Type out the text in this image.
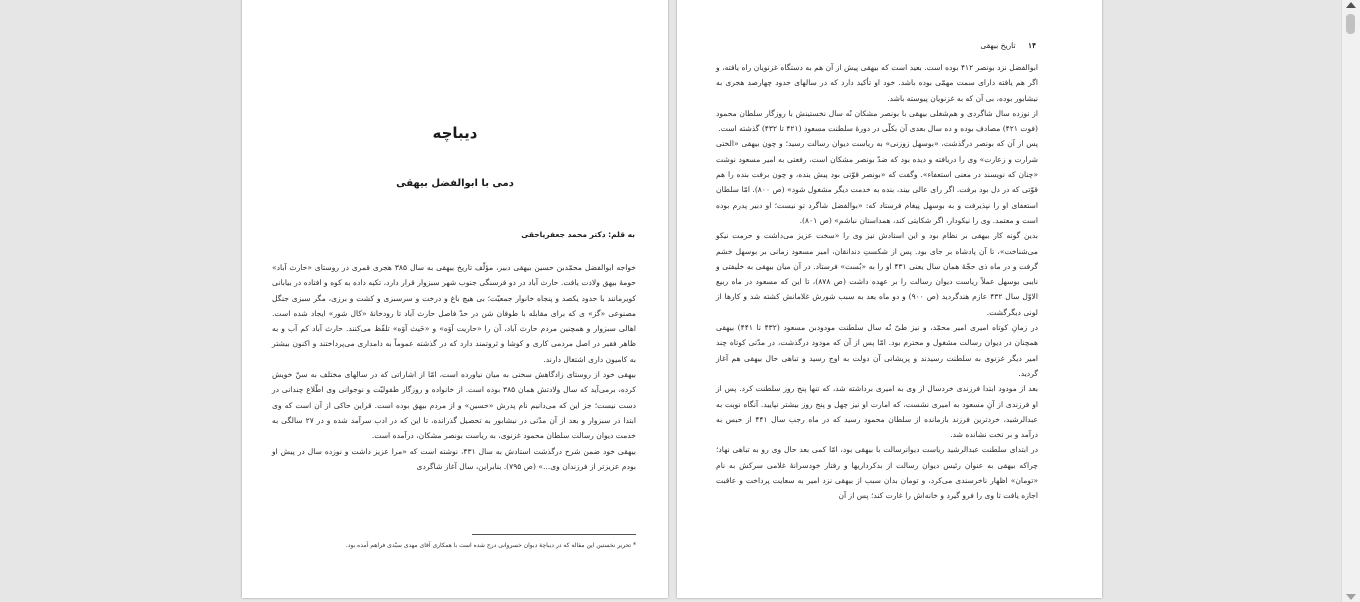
دیباچه
دمی با ابوالفضل بیهقی
به قلم: دکتر محمد جعفریاحقی

خواجه ابوالفضل محمّدبن حسین بیهقی دبیر، مؤلّف تاریخ بیهقی به سال ۳۸۵ هجری قمری در روستای «حارث آباد» حومهٔ بیهق ولادت یافت. حارث آباد در دو فرسنگی جنوب شهر سبزوار قرار دارد، تکیه داده به کوه و افتاده در بیابانی کویرمانند با حدود یکصد و پنجاه خانوار جمعیّت؛ بی هیچ باغ و درخت و سرسبزی و کشت و برزی، مگر سبزی جنگل مصنوعی «گز» ی که برای مقابله با طوفان شن در حدّ فاصل حارث آباد تا رودخانهٔ «کال شور» ایجاد شده است. اهالی سبزوار و همچنین مردم حارث آباد، آن را «حاریت آوَه» و «حَیث آوَه» تلفّظ می‌کنند. حارث آباد کم آب و به ظاهر فقیر در اصل مردمی کاری و کوشا و ثروتمند دارد که در گذشته عموماً به دامداری می‌پرداختند و اکنون بیشتر به کامیون داری اشتغال دارند.

بیهقی خود از روستای زادگاهش سخنی به میان نیاورده است، امّا از اشاراتی که در سالهای مختلف به سنّ خویش کرده، برمی‌آید که سال ولادتش همان ۳۸۵ بوده است. از خانواده و روزگار طفولیّت و نوجوانی وی اطّلاع چندانی در دست نیست؛ جز این که می‌دانیم نام پدرش «حسین» و از مردم بیهق بوده است. قراین حاکی از آن است که وی ابتدا در سبزوار و بعد از آن مدّتی در نیشابور به تحصیل گذرانده، تا این که در ادب سرآمد شده و در ۲۷ سالگی به خدمت دیوان رسالت سلطان محمود غزنوی، به ریاست بونصر مشکان، درآمده است.

بیهقی خود ضمن شرح درگذشت استادش به سال ۴۳۱، نوشته است که «مرا عزیز داشت و نوزده سال در پیش او بودم عزیزتر از فرزندان وی...» (ص ۷۹۵). بنابراین، سال آغاز شاگردی

* تحریر نخستین این مقاله که در دیباچهٔ دیوان خسروانی درج شده است با همکاری آقای مهدی سیّدی فراهم آمده بود.
۱۴ تاریخ بیهقی

ابوالفضل نزد بونصر ۴۱۲ بوده است. بعید است که بیهقی پیش از آن هم به دستگاه غزنویان راه یافته، و اگر هم یافته دارای سمت مهمّی بوده باشد. خود او تأکید دارد که در سالهای حدود چهارصد هجری به نیشابور بوده، بی آن که به غزنویان پیوسته باشد.

از نوزده سال شاگردی و هم‌شغلی بیهقی با بونصر مشکان نُه سال نخستینش با روزگار سلطان محمود (فوت ۴۲۱) مصادف بوده و ده سال بعدی آن بکلّی در دورهٔ سلطنت مسعود (۴۲۱ تا ۴۳۲) گذشته است.

پس از آن که بونصر درگذشت، «بوسهل زوزنی» به ریاست دیوان رسالت رسید؛ و چون بیهقی «الختی شرارت و زعارت» وی را دریافته و دیده بود که ضدّ بونصر مشکان است، رفعتی به امیر مسعود نوشت «چنان که نویسند در معنی استعفاء». وگفت که «بونصر قوّتی بود پیش بنده، و چون برفت بنده را هم قوّتی که در دل بود برفت. اگر رای عالی بیند، بنده به خدمت دیگر مشغول شود» (ص ۸۰۰). امّا سلطان استعفای او را نپذیرفت و به بوسهل پیغام فرستاد که: «بوالفضل شاگرد تو نیست؛ او دبیر پدرم بوده است و معتمد. وی را نیکودار، اگر شکایتی کند، همداستان نباشم» (ص ۸۰۱).

بدین گونه کار بیهقی بر نظام بود و این استادش نیز وی را «سخت عزیز می‌داشت و حرمت نیکو می‌شناخت»، تا آن پادشاه بر جای بود. پس از شکستِ دندانقان، امیر مسعود زمانی بر بوسهل خشم گرفت و در ماه ذی حجّهٔ همان سال یعنی ۴۳۱ او را به «بُست» فرستاد. در آن میان بیهقی به خلیفتی و نایبی بوسهل عملاً ریاست دیوان رسالت را بر عهده داشت (ص ۸۷۸)، تا این که مسعود در ماه ربیع الاوّل سال ۴۳۲ عازم هندگردید (ص ۹۰۰) و دو ماه بعد به سبب شورش غلامانش کشته شد و کارها از لونی دیگرگشت.

در زمانِ کوتاه امیری امیر محمّد، و نیز طیّ نُه سال سلطنت مودودبن مسعود (۴۳۲ تا ۴۴۱) بیهقی همچنان در دیوان رسالت مشغول و محترم بود. امّا پس از آن که مودود درگذشت، در مدّتی کوتاه چند امیر دیگر غزنوی به سلطنت رسیدند و پریشانی آن دولت به اوج رسید و تباهی حال بیهقی هم آغاز گردید.

بعد از مودود ابتدا فرزندی خردسال از وی به امیری برداشته شد، که تنها پنج روز سلطنت کرد. پس از او فرزندی از آنِ مسعود به امیری نشست، که امارت او نیز چهل و پنج روز بیشتر نپایید. آنگاه نوبت به عبدالرشید، خردترین فرزند بازمانده از سلطان محمود رسید که در ماه رجب سال ۴۴۱ از حبس به درآمد و بر تخت نشانده شد.

در ابتدای سلطنت عبدالرشید ریاست دیوانرسالت با بیهقی بود، امّا کمی بعد حال وی رو به تباهی نهاد؛ چراکه بیهقی به عنوان رئیس دیوان رسالت از بدکرداریها و رفتار خودسرانهٔ غلامی سرکش به نام «تومان» اظهار ناخرسندی می‌کرد، و تومان بدان سبب از بیهقی نزد امیر به سعایت پرداخت و عاقبت اجازه یافت تا وی را فرو گیرد و خانه‌اش را غارت کند؛ پس از آن
